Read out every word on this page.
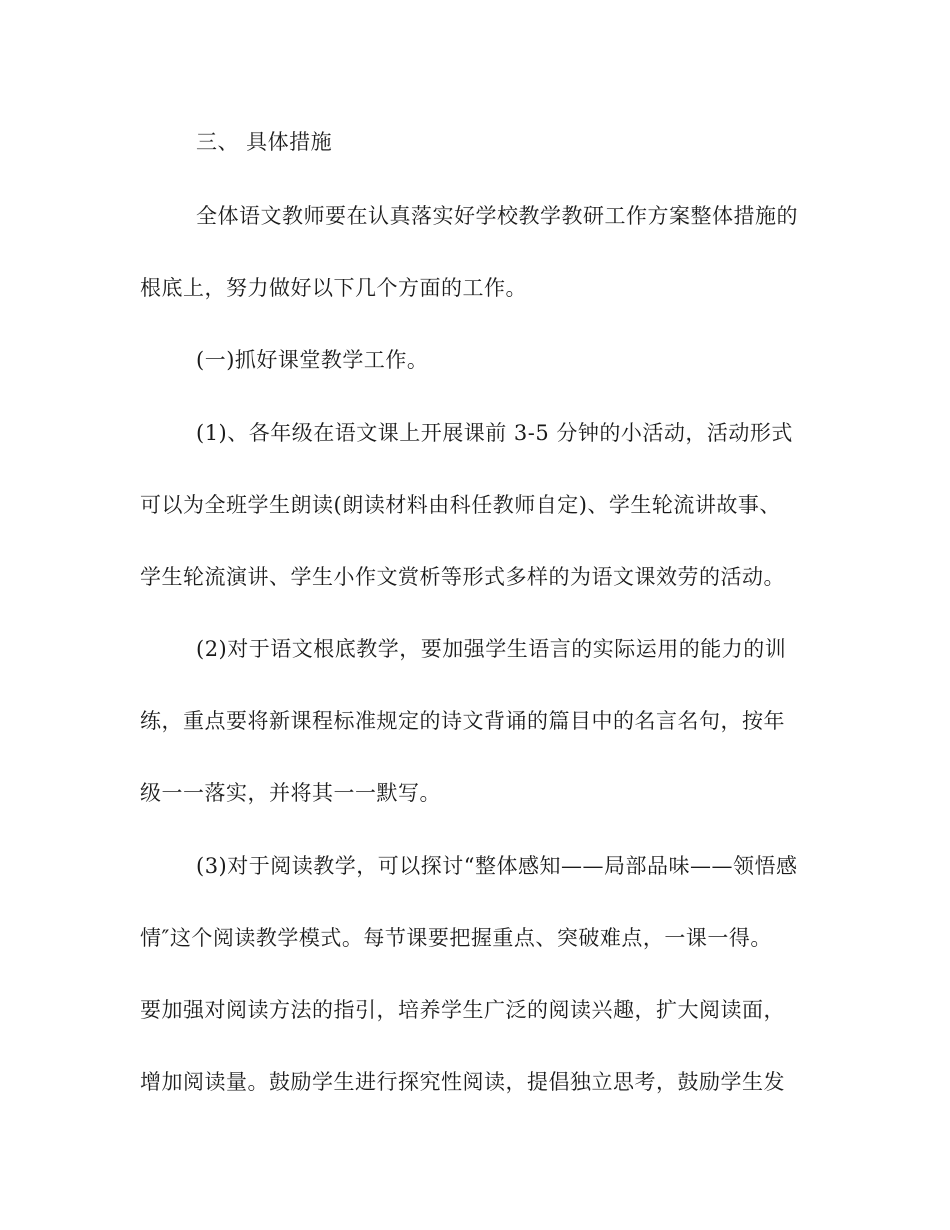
三、 具体措施
全体语文教师要在认真落实好学校教学教研工作方案整体措施的
根底上，努力做好以下几个方面的工作。
(一)抓好课堂教学工作。
(1)、各年级在语文课上开展课前 3-5 分钟的小活动，活动形式
可以为全班学生朗读(朗读材料由科任教师自定)、学生轮流讲故事、
学生轮流演讲、学生小作文赏析等形式多样的为语文课效劳的活动。
(2)对于语文根底教学，要加强学生语言的实际运用的能力的训
练，重点要将新课程标准规定的诗文背诵的篇目中的名言名句，按年
级一一落实，并将其一一默写。
(3)对于阅读教学，可以探讨“整体感知——局部品味——领悟感
情″这个阅读教学模式。每节课要把握重点、突破难点，一课一得。
要加强对阅读方法的指引，培养学生广泛的阅读兴趣，扩大阅读面，
增加阅读量。鼓励学生进行探究性阅读，提倡独立思考，鼓励学生发
